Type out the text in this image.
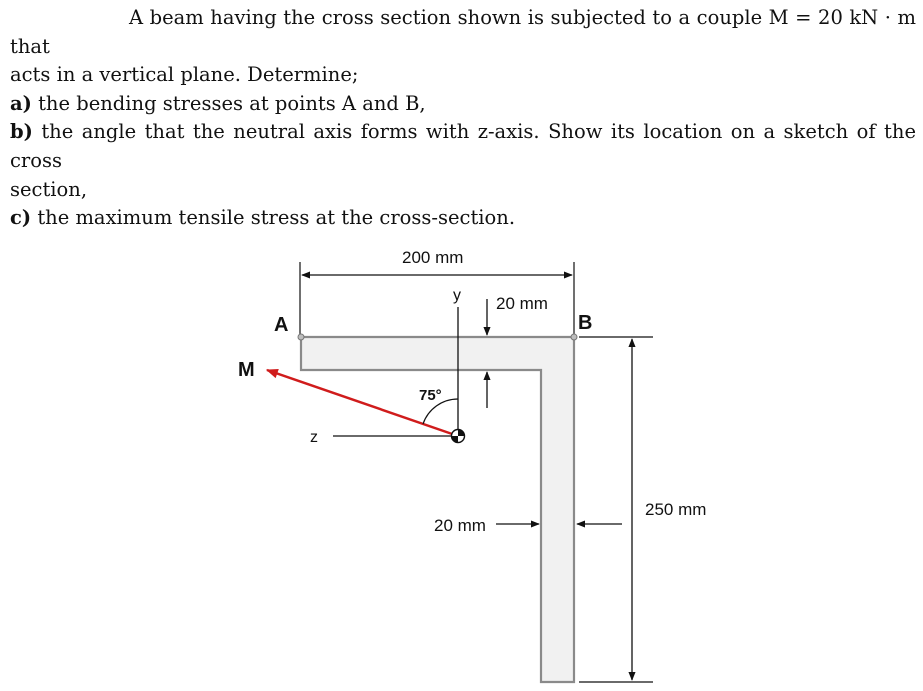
A beam having the cross section shown is subjected to a couple M = 20 kN · m that

acts in a vertical plane. Determine;

a) the bending stresses at points A and B,

b) the angle that the neutral axis forms with z-axis. Show its location on a sketch of the cross

section,

c) the maximum tensile stress at the cross-section.

200 mm
y 20 mm
A	B
M
75°
z
20 mm
250 mm
